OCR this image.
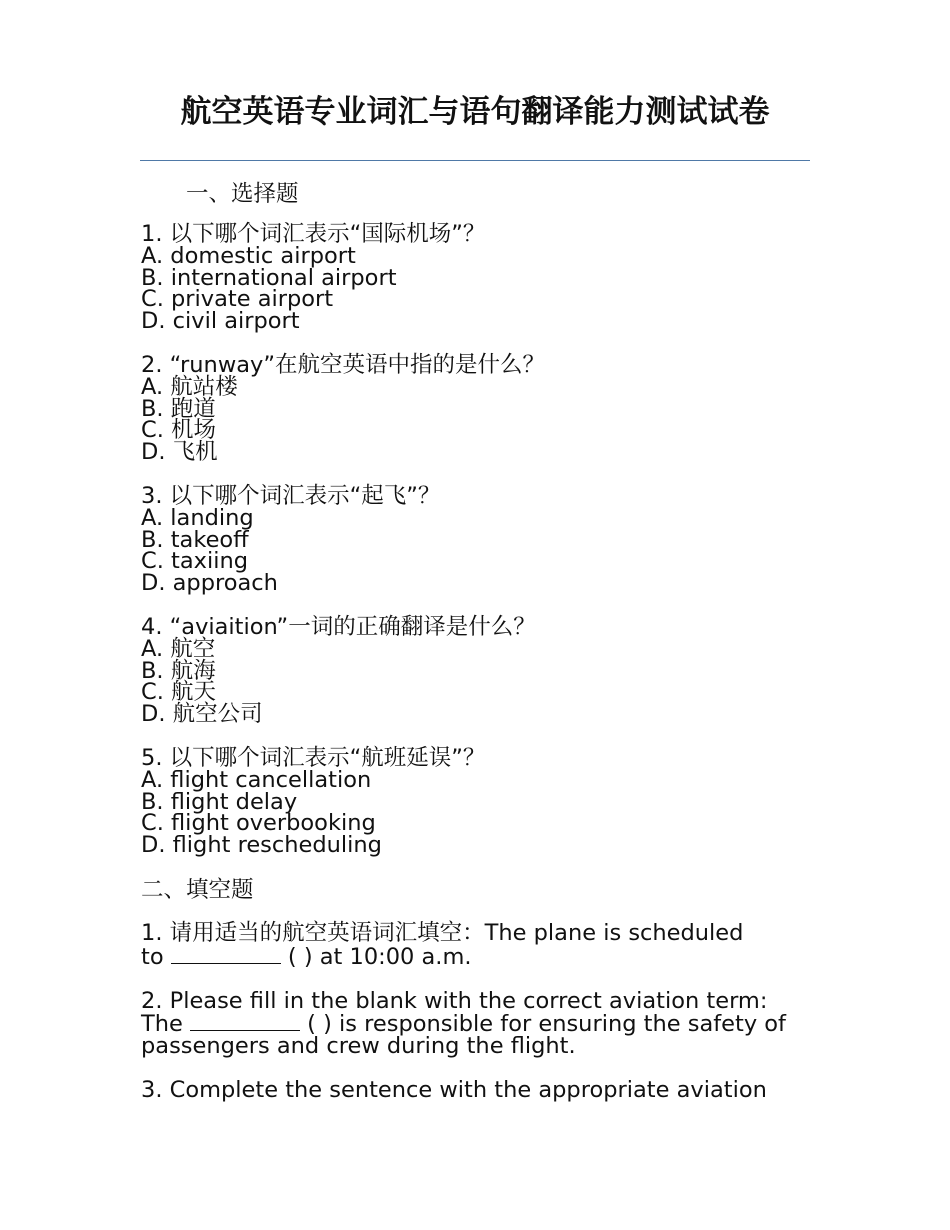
航空英语专业词汇与语句翻译能力测试试卷
一、选择题
1. 以下哪个词汇表示“国际机场”？
A. domestic airport
B. international airport
C. private airport
D. civil airport
2. “runway”在航空英语中指的是什么？
A. 航站楼
B. 跑道
C. 机场
D. 飞机
3. 以下哪个词汇表示“起飞”？
A. landing
B. takeoff
C. taxiing
D. approach
4. “aviaition”一词的正确翻译是什么？
A. 航空
B. 航海
C. 航天
D. 航空公司
5. 以下哪个词汇表示“航班延误”？
A. flight cancellation
B. flight delay
C. flight overbooking
D. flight rescheduling
二、填空题
1. 请用适当的航空英语词汇填空：The plane is scheduled
to	( ) at 10:00 a.m.
2. Please fill in the blank with the correct aviation term:
The	( ) is responsible for ensuring the safety of
passengers and crew during the flight.
3. Complete the sentence with the appropriate aviation
